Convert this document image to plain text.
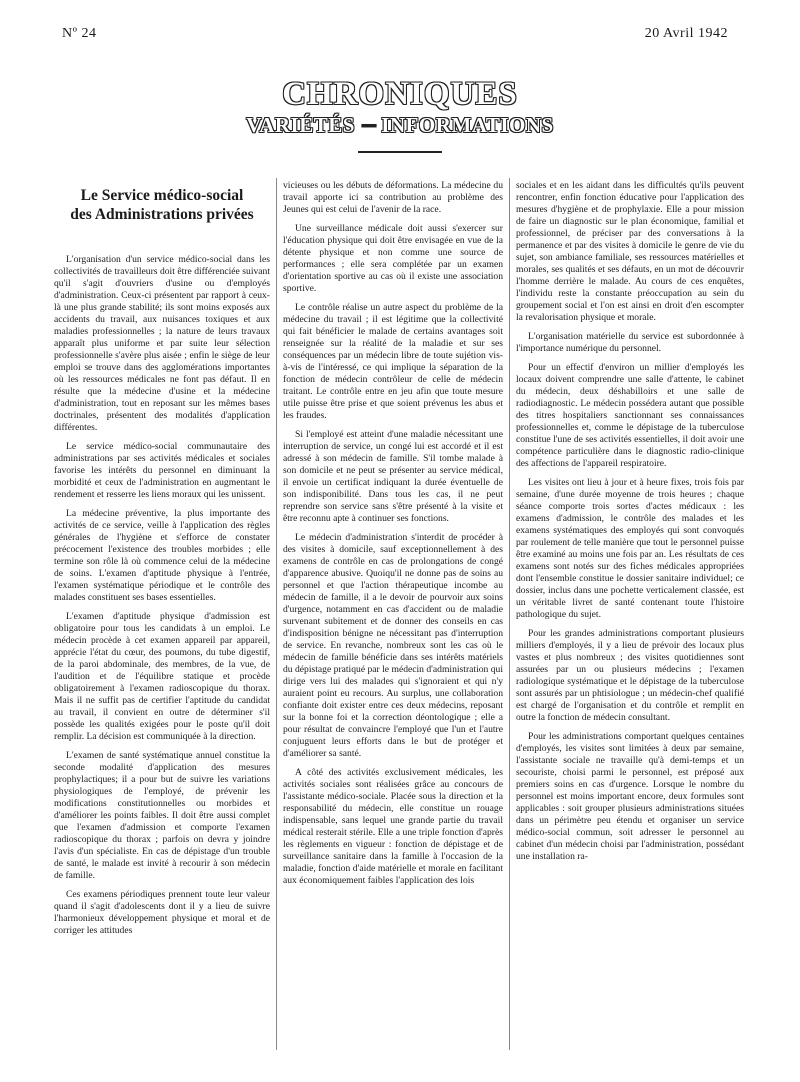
Nº 24	20 Avril 1942
CHRONIQUES
VARIÉTÉS ▪▪▪▪▪ INFORMATIONS
Le Service médico-social
des Administrations privées

L'organisation d'un service médico-social dans les collectivités de travailleurs doit être différenciée suivant qu'il s'agit d'ouvriers d'usine ou d'employés d'administration. Ceux-ci présentent par rapport à ceux-là une plus grande stabilité; ils sont moins exposés aux accidents du travail, aux nuisances toxiques et aux maladies professionnelles ; la nature de leurs travaux apparaît plus uniforme et par suite leur sélection professionnelle s'avère plus aisée ; enfin le siège de leur emploi se trouve dans des agglomérations importantes où les ressources médicales ne font pas défaut. Il en résulte que la médecine d'usine et la médecine d'administration, tout en reposant sur les mêmes bases doctrinales, présentent des modalités d'application différentes.

Le service médico-social communautaire des administrations par ses activités médicales et sociales favorise les intérêts du personnel en diminuant la morbidité et ceux de l'administration en augmentant le rendement et resserre les liens moraux qui les unissent.

La médecine préventive, la plus importante des activités de ce service, veille à l'application des règles générales de l'hygiène et s'efforce de constater précocement l'existence des troubles morbides ; elle termine son rôle là où commence celui de la médecine de soins. L'examen d'aptitude physique à l'entrée, l'examen systématique périodique et le contrôle des malades constituent ses bases essentielles.

L'examen d'aptitude physique d'admission est obligatoire pour tous les candidats à un emploi. Le médecin procède à cet examen appareil par appareil, apprécie l'état du cœur, des poumons, du tube digestif, de la paroi abdominale, des membres, de la vue, de l'audition et de l'équilibre statique et procède obligatoirement à l'examen radioscopique du thorax. Mais il ne suffit pas de certifier l'aptitude du candidat au travail, il convient en outre de déterminer s'il possède les qualités exigées pour le poste qu'il doit remplir. La décision est communiquée à la direction.

L'examen de santé systématique annuel constitue la seconde modalité d'application des mesures prophylactiques; il a pour but de suivre les variations physiologiques de l'employé, de prévenir les modifications constitutionnelles ou morbides et d'améliorer les points faibles. Il doit être aussi complet que l'examen d'admission et comporte l'examen radioscopique du thorax ; parfois on devra y joindre l'avis d'un spécialiste. En cas de dépistage d'un trouble de santé, le malade est invité à recourir à son médecin de famille.

Ces examens périodiques prennent toute leur valeur quand il s'agit d'adolescents dont il y a lieu de suivre l'harmonieux développement physique et moral et de corriger les attitudes

vicieuses ou les débuts de déformations. La médecine du travail apporte ici sa contribution au problème des Jeunes qui est celui de l'avenir de la race.

Une surveillance médicale doit aussi s'exercer sur l'éducation physique qui doit être envisagée en vue de la détente physique et non comme une source de performances ; elle sera complétée par un examen d'orientation sportive au cas où il existe une association sportive.

Le contrôle réalise un autre aspect du problème de la médecine du travail ; il est légitime que la collectivité qui fait bénéficier le malade de certains avantages soit renseignée sur la réalité de la maladie et sur ses conséquences par un médecin libre de toute sujétion vis-à-vis de l'intéressé, ce qui implique la séparation de la fonction de médecin contrôleur de celle de médecin traitant. Le contrôle entre en jeu afin que toute mesure utile puisse être prise et que soient prévenus les abus et les fraudes.

Si l'employé est atteint d'une maladie nécessitant une interruption de service, un congé lui est accordé et il est adressé à son médecin de famille. S'il tombe malade à son domicile et ne peut se présenter au service médical, il envoie un certificat indiquant la durée éventuelle de son indisponibilité. Dans tous les cas, il ne peut reprendre son service sans s'être présenté à la visite et être reconnu apte à continuer ses fonctions.

Le médecin d'administration s'interdit de procéder à des visites à domicile, sauf exceptionnellement à des examens de contrôle en cas de prolongations de congé d'apparence abusive. Quoiqu'il ne donne pas de soins au personnel et que l'action thérapeutique incombe au médecin de famille, il a le devoir de pourvoir aux soins d'urgence, notamment en cas d'accident ou de maladie survenant subitement et de donner des conseils en cas d'indisposition bénigne ne nécessitant pas d'interruption de service. En revanche, nombreux sont les cas où le médecin de famille bénéficie dans ses intérêts matériels du dépistage pratiqué par le médecin d'administration qui dirige vers lui des malades qui s'ignoraient et qui n'y auraient point eu recours. Au surplus, une collaboration confiante doit exister entre ces deux médecins, reposant sur la bonne foi et la correction déontologique ; elle a pour résultat de convaincre l'employé que l'un et l'autre conjuguent leurs efforts dans le but de protéger et d'améliorer sa santé.

A côté des activités exclusivement médicales, les activités sociales sont réalisées grâce au concours de l'assistante médico-sociale. Placée sous la direction et la responsabilité du médecin, elle constitue un rouage indispensable, sans lequel une grande partie du travail médical resterait stérile. Elle a une triple fonction d'après les règlements en vigueur : fonction de dépistage et de surveillance sanitaire dans la famille à l'occasion de la maladie, fonction d'aide matérielle et morale en facilitant aux économiquement faibles l'application des lois

sociales et en les aidant dans les difficultés qu'ils peuvent rencontrer, enfin fonction éducative pour l'application des mesures d'hygiène et de prophylaxie. Elle a pour mission de faire un diagnostic sur le plan économique, familial et professionnel, de préciser par des conversations à la permanence et par des visites à domicile le genre de vie du sujet, son ambiance familiale, ses ressources matérielles et morales, ses qualités et ses défauts, en un mot de découvrir l'homme derrière le malade. Au cours de ces enquêtes, l'individu reste la constante préoccupation au sein du groupement social et l'on est ainsi en droit d'en escompter la revalorisation physique et morale.

L'organisation matérielle du service est subordonnée à l'importance numérique du personnel.

Pour un effectif d'environ un millier d'employés les locaux doivent comprendre une salle d'attente, le cabinet du médecin, deux déshabilloirs et une salle de radiodiagnostic. Le médecin possédera autant que possible des titres hospitaliers sanctionnant ses connaissances professionnelles et, comme le dépistage de la tuberculose constitue l'une de ses activités essentielles, il doit avoir une compétence particulière dans le diagnostic radio-clinique des affections de l'appareil respiratoire.

Les visites ont lieu à jour et à heure fixes, trois fois par semaine, d'une durée moyenne de trois heures ; chaque séance comporte trois sortes d'actes médicaux : les examens d'admission, le contrôle des malades et les examens systématiques des employés qui sont convoqués par roulement de telle manière que tout le personnel puisse être examiné au moins une fois par an. Les résultats de ces examens sont notés sur des fiches médicales appropriées dont l'ensemble constitue le dossier sanitaire individuel; ce dossier, inclus dans une pochette verticalement classée, est un véritable livret de santé contenant toute l'histoire pathologique du sujet.

Pour les grandes administrations comportant plusieurs milliers d'employés, il y a lieu de prévoir des locaux plus vastes et plus nombreux ; des visites quotidiennes sont assurées par un ou plusieurs médecins ; l'examen radiologique systématique et le dépistage de la tuberculose sont assurés par un phtisiologue ; un médecin-chef qualifié est chargé de l'organisation et du contrôle et remplit en outre la fonction de médecin consultant.

Pour les administrations comportant quelques centaines d'employés, les visites sont limitées à deux par semaine, l'assistante sociale ne travaille qu'à demi-temps et un secouriste, choisi parmi le personnel, est préposé aux premiers soins en cas d'urgence. Lorsque le nombre du personnel est moins important encore, deux formules sont applicables : soit grouper plusieurs administrations situées dans un périmètre peu étendu et organiser un service médico-social commun, soit adresser le personnel au cabinet d'un médecin choisi par l'administration, possédant une installation ra-
